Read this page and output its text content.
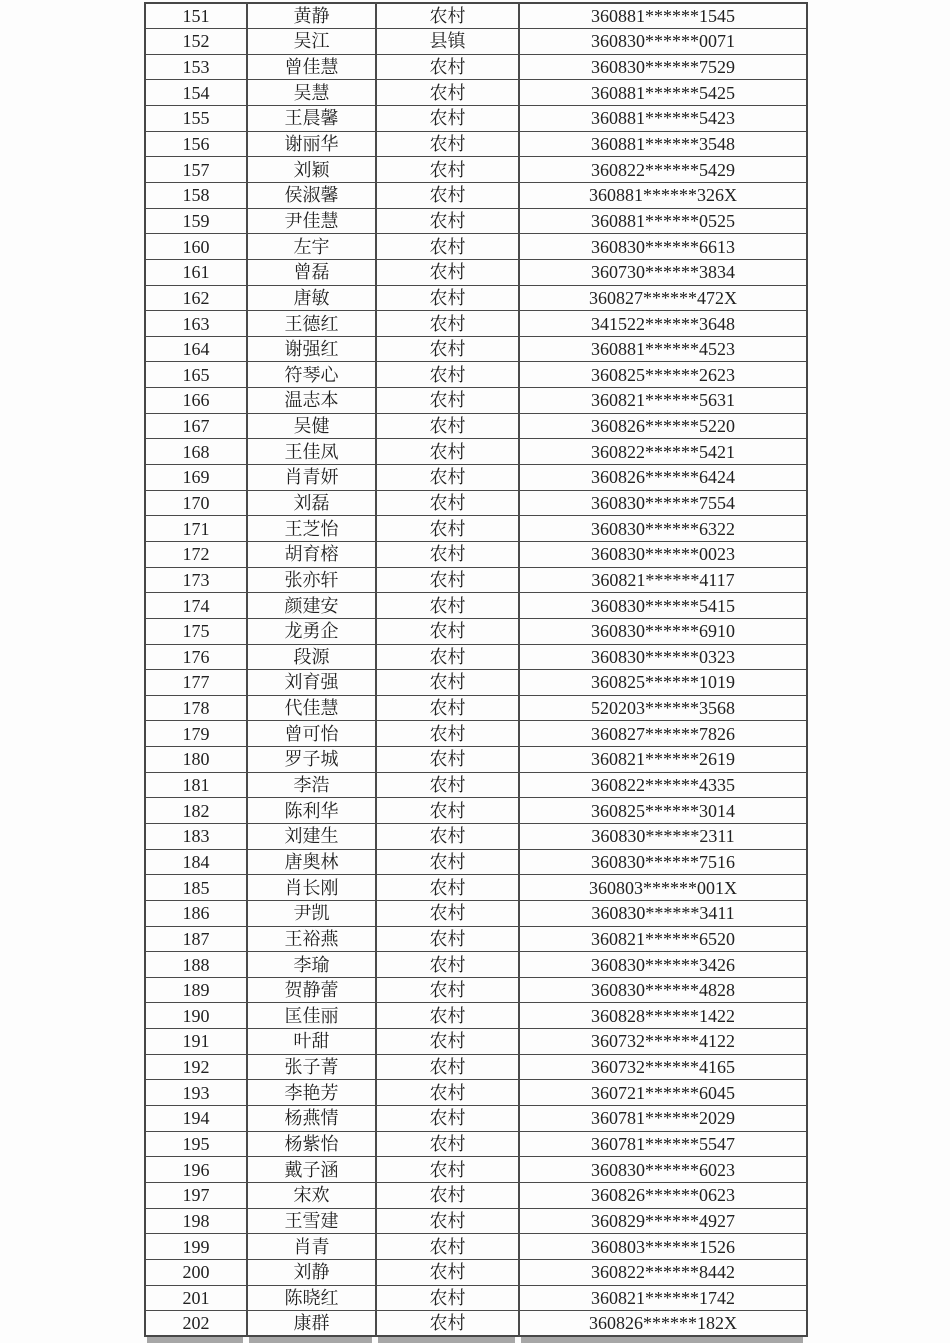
151	黄静	农村	360881******1545
152	吴江	县镇	360830******0071
153	曾佳慧	农村	360830******7529
154	吴慧	农村	360881******5425
155	王晨馨	农村	360881******5423
156	谢丽华	农村	360881******3548
157	刘颖	农村	360822******5429
158	侯淑馨	农村	360881******326X
159	尹佳慧	农村	360881******0525
160	左宇	农村	360830******6613
161	曾磊	农村	360730******3834
162	唐敏	农村	360827******472X
163	王德红	农村	341522******3648
164	谢强红	农村	360881******4523
165	符琴心	农村	360825******2623
166	温志本	农村	360821******5631
167	吴健	农村	360826******5220
168	王佳凤	农村	360822******5421
169	肖青妍	农村	360826******6424
170	刘磊	农村	360830******7554
171	王芝怡	农村	360830******6322
172	胡育榕	农村	360830******0023
173	张亦轩	农村	360821******4117
174	颜建安	农村	360830******5415
175	龙勇企	农村	360830******6910
176	段源	农村	360830******0323
177	刘育强	农村	360825******1019
178	代佳慧	农村	520203******3568
179	曾可怡	农村	360827******7826
180	罗子城	农村	360821******2619
181	李浩	农村	360822******4335
182	陈利华	农村	360825******3014
183	刘建生	农村	360830******2311
184	唐奥林	农村	360830******7516
185	肖长刚	农村	360803******001X
186	尹凯	农村	360830******3411
187	王裕燕	农村	360821******6520
188	李瑜	农村	360830******3426
189	贺静蕾	农村	360830******4828
190	匡佳丽	农村	360828******1422
191	叶甜	农村	360732******4122
192	张子菁	农村	360732******4165
193	李艳芳	农村	360721******6045
194	杨燕情	农村	360781******2029
195	杨紫怡	农村	360781******5547
196	戴子涵	农村	360830******6023
197	宋欢	农村	360826******0623
198	王雪建	农村	360829******4927
199	肖青	农村	360803******1526
200	刘静	农村	360822******8442
201	陈晓红	农村	360821******1742
202	康群	农村	360826******182X
